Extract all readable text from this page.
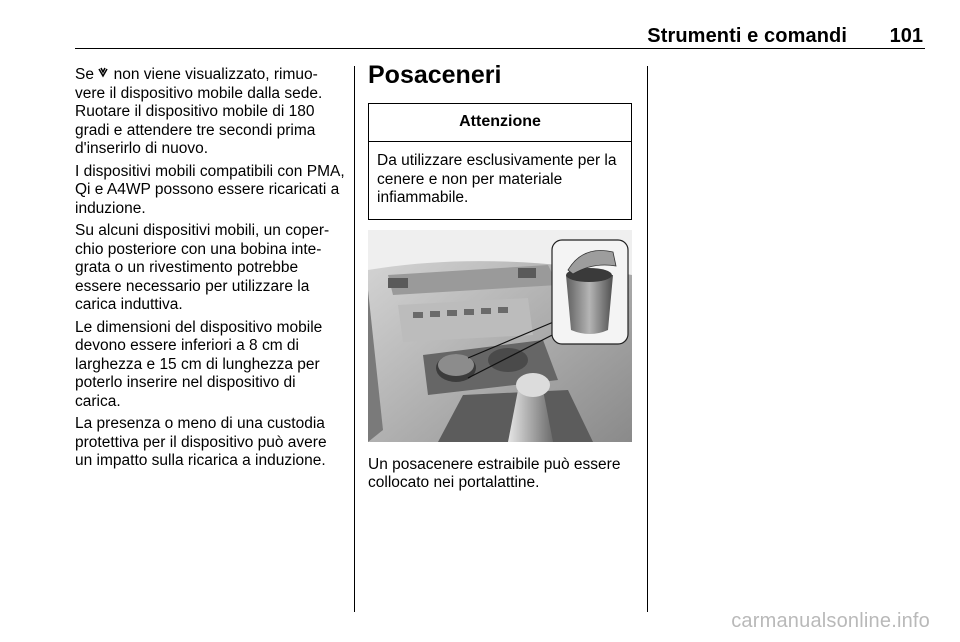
Strumenti e comandi 101

Se non viene visualizzato, rimuo-vere il dispositivo mobile dalla sede. Ruotare il dispositivo mobile di 180 gradi e attendere tre secondi prima d'inserirlo di nuovo.

I dispositivi mobili compatibili con PMA, Qi e A4WP possono essere ricaricati a induzione.

Su alcuni dispositivi mobili, un coper-chio posteriore con una bobina inte-grata o un rivestimento potrebbe essere necessario per utilizzare la carica induttiva.

Le dimensioni del dispositivo mobile devono essere inferiori a 8 cm di larghezza e 15 cm di lunghezza per poterlo inserire nel dispositivo di carica.

La presenza o meno di una custodia protettiva per il dispositivo può avere un impatto sulla ricarica a induzione.

Posaceneri
Attenzione
Da utilizzare esclusivamente per la cenere e non per materiale infiammabile.
Un posacenere estraibile può essere collocato nei portalattine.
carmanualsonline.info
